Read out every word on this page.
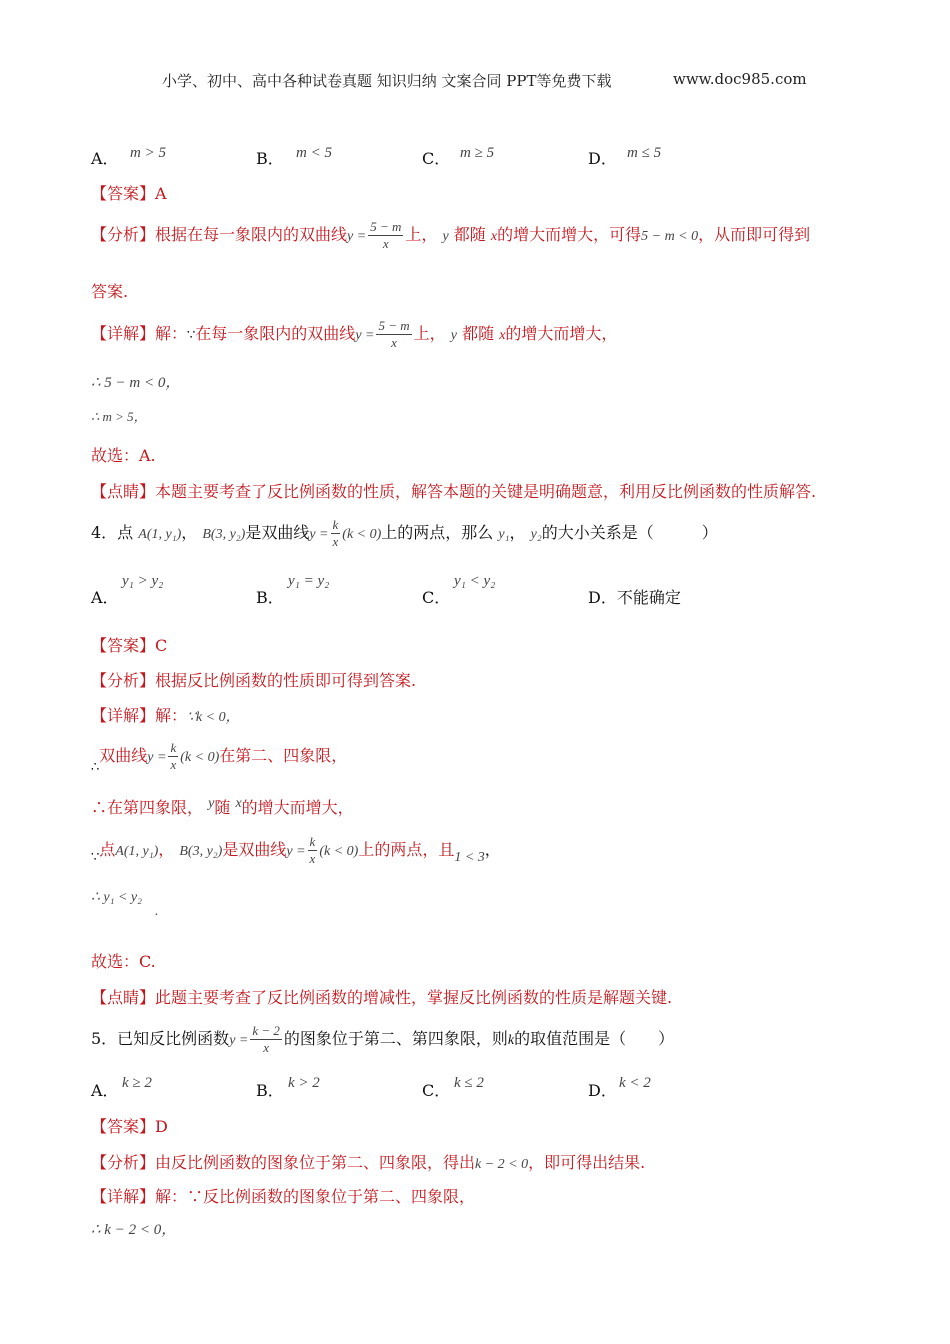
小学、初中、高中各种试卷真题 知识归纳 文案合同 PPT等免费下载	www.doc985.com
A． m > 5	B． m < 5	C． m ≥ 5	D． m ≤ 5
【答案】A
【分析】根据在每一象限内的双曲线$y = \frac{5 - m}{x}$ 上， y 都随 x的增大而增大，可得5 − m < 0，从而即可得到
答案.
【详解】解：∵在每一象限内的双曲线$y = \frac{5 - m}{x}$ 上， y 都随 x的增大而增大，
∴ 5 − m < 0，
∴ m > 5，
故选：A.
【点睛】本题主要考查了反比例函数的性质，解答本题的关键是明确题意，利用反比例函数的性质解答.
4．点 A(1, y₁)， B(3, y₂)是双曲线$y = \frac{k}{x} (k < 0)$上的两点，那么 y₁， y₂的大小关系是（　　　）
A．
y₁ > y₂
B．
y₁ = y₂
C．
y₁ < y₂
D．不能确定
【答案】C
【分析】根据反比例函数的性质即可得到答案.
【详解】解：∵k < 0，
$_\therefore$双曲线$y = \frac{k}{x} (k < 0)$在第二、四象限，
∴在第四象限， y随 x的增大而增大，
$_\because$点A(1, y₁)， B(3, y₂)是双曲线$y = \frac{k}{x} (k < 0)$上的两点，且1 < 3，
∴ y₁ < y₂
.
故选：C.
【点睛】此题主要考查了反比例函数的增减性，掌握反比例函数的性质是解题关键.
5．已知反比例函数$y = \frac{k - 2}{x}$ 的图象位于第二、第四象限，则k的取值范围是（　　）
A． k ≥ 2	B． k > 2	C． k ≤ 2	D． k < 2
【答案】D
【分析】由反比例函数的图象位于第二、四象限，得出k − 2 < 0，即可得出结果.
【详解】解：∵反比例函数的图象位于第二、四象限，
∴ k − 2 < 0，
